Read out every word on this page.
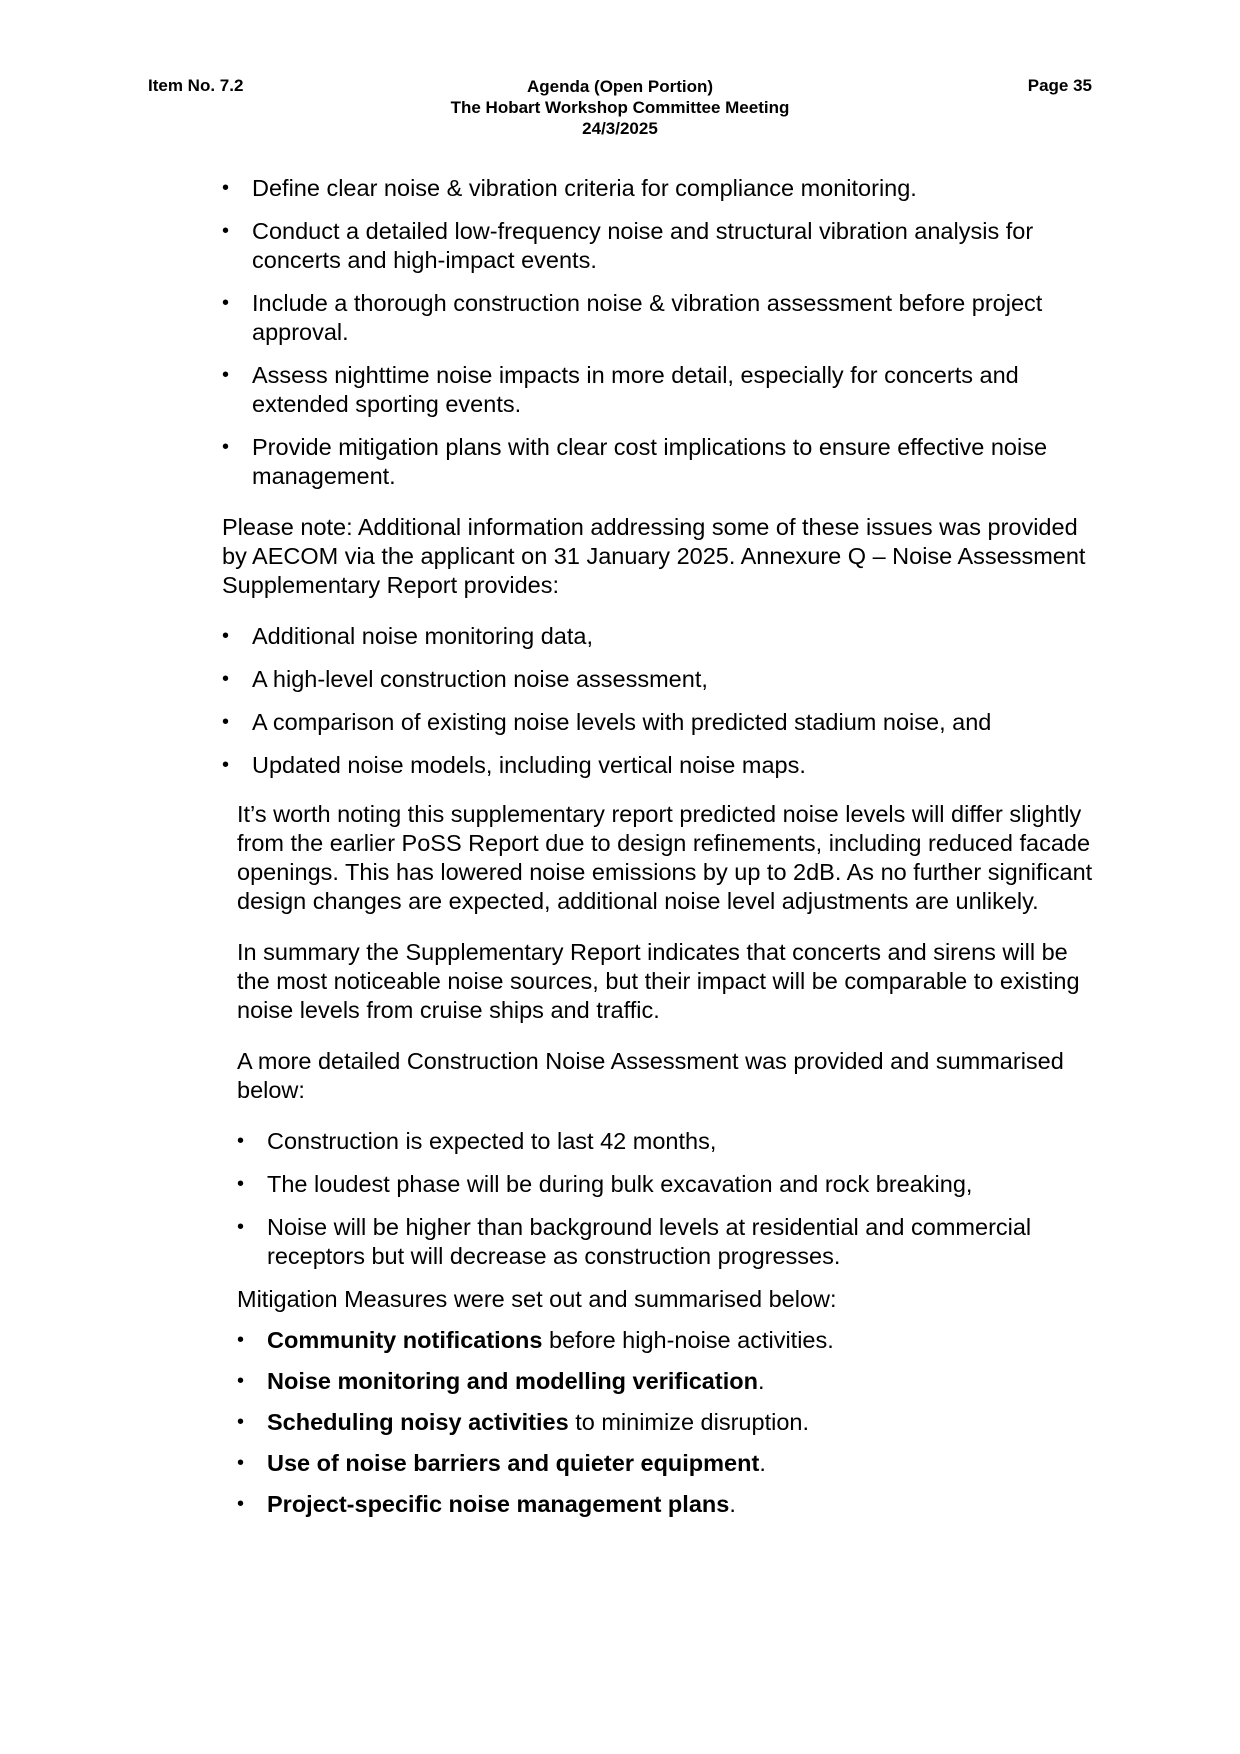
Item No. 7.2	Agenda (Open Portion)
The Hobart Workshop Committee Meeting
24/3/2025
Page 35
• Define clear noise & vibration criteria for compliance monitoring.
• Conduct a detailed low-frequency noise and structural vibration analysis for concerts and high-impact events.
• Include a thorough construction noise & vibration assessment before project approval.
• Assess nighttime noise impacts in more detail, especially for concerts and extended sporting events.
• Provide mitigation plans with clear cost implications to ensure effective noise management.

Please note: Additional information addressing some of these issues was provided by AECOM via the applicant on 31 January 2025. Annexure Q – Noise Assessment Supplementary Report provides:

• Additional noise monitoring data,
• A high-level construction noise assessment,
• A comparison of existing noise levels with predicted stadium noise, and
• Updated noise models, including vertical noise maps.

It’s worth noting this supplementary report predicted noise levels will differ slightly from the earlier PoSS Report due to design refinements, including reduced facade openings. This has lowered noise emissions by up to 2dB. As no further significant design changes are expected, additional noise level adjustments are unlikely.

In summary the Supplementary Report indicates that concerts and sirens will be the most noticeable noise sources, but their impact will be comparable to existing noise levels from cruise ships and traffic.

A more detailed Construction Noise Assessment was provided and summarised below:

• Construction is expected to last 42 months,
• The loudest phase will be during bulk excavation and rock breaking,
• Noise will be higher than background levels at residential and commercial receptors but will decrease as construction progresses.

Mitigation Measures were set out and summarised below:

• Community notifications before high-noise activities.
• Noise monitoring and modelling verification.
• Scheduling noisy activities to minimize disruption.
• Use of noise barriers and quieter equipment.
• Project-specific noise management plans.
